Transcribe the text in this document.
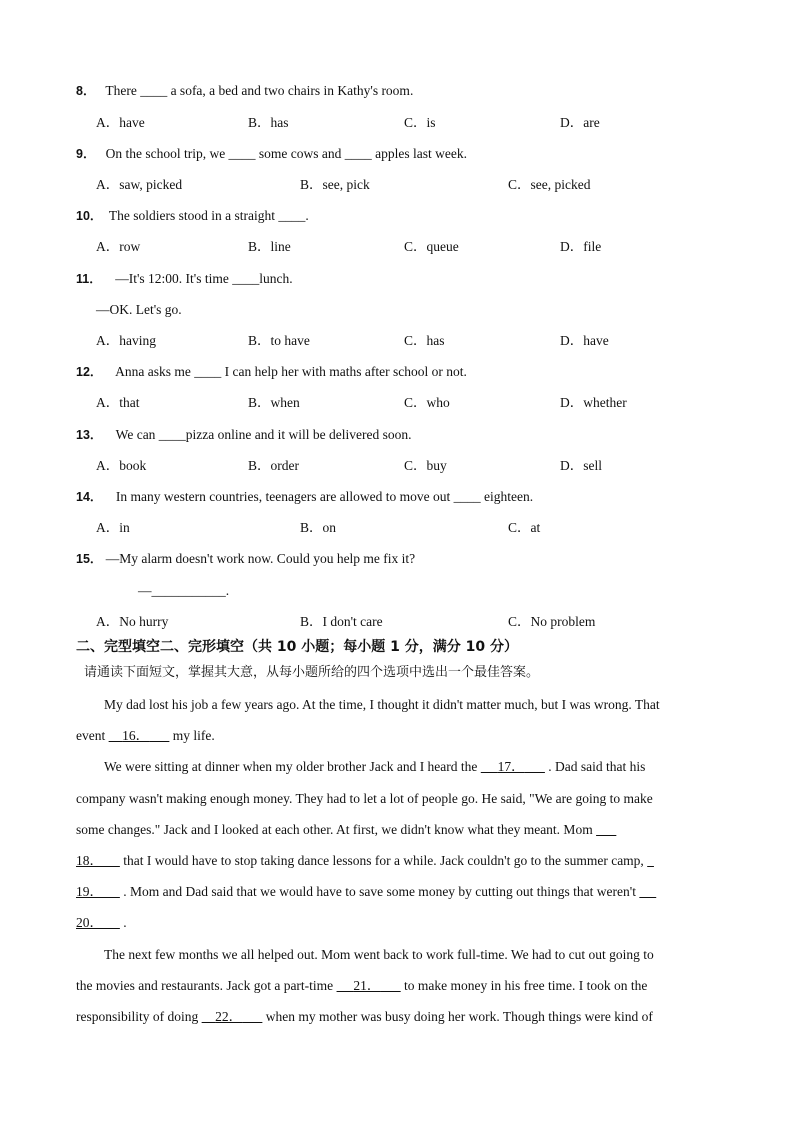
8． There ____ a sofa, a bed and two chairs in Kathy's room.
A．have	B．has	C．is	D．are
9． On the school trip, we ____ some cows and ____ apples last week.
A．saw, picked	B．see, pick	C．see, picked
10． The soldiers stood in a straight ____.
A．row	B．line	C．queue	D．file
11． —It's 12:00. It's time ____lunch.
—OK. Let's go.
A．having	B．to have	C．has	D．have
12． Anna asks me ____ I can help her with maths after school or not.
A．that	B．when	C．who	D．whether
13． We can ____pizza online and it will be delivered soon.
A．book	B．order	C．buy	D．sell
14． In many western countries, teenagers are allowed to move out ____ eighteen.
A．in	B．on	C．at
15． —My alarm doesn't work now. Could you help me fix it?
—___________.
A．No hurry	B．I don't care	C．No problem
二、完型填空二、完形填空（共 10 小题；每小题 1 分，满分 10 分）
请通读下面短文，掌握其大意，从每小题所给的四个选项中选出一个最佳答案。
My dad lost his job a few years ago. At the time, I thought it didn't matter much, but I was wrong. That
event     16．       my life.
We were sitting at dinner when my older brother Jack and I heard the      17．       . Dad said that his
company wasn't making enough money. They had to let a lot of people go. He said, "We are going to make
some changes." Jack and I looked at each other. At first, we didn't know what they meant. Mom
18．      that I would have to stop taking dance lessons for a while. Jack couldn't go to the summer camp,
19．      . Mom and Dad said that we would have to save some money by cutting out things that weren't
20．      .
The next few months we all helped out. Mom went back to work full-time. We had to cut out going to
the movies and restaurants. Jack got a part-time      21．       to make money in his free time. I took on the
responsibility of doing     22．       when my mother was busy doing her work. Though things were kind of
